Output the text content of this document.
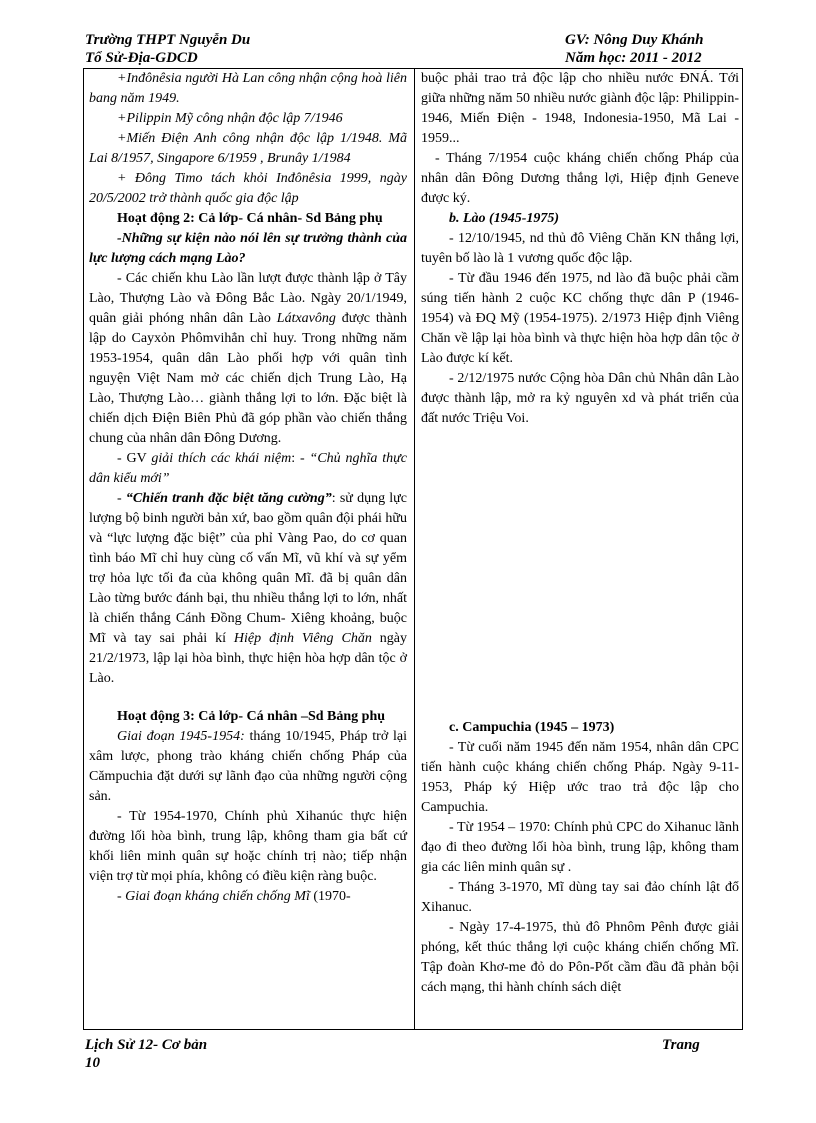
Trường THPT Nguyễn Du
Tổ Sử-Địa-GDCD
GV: Nông Duy Khánh
Năm học: 2011 - 2012

+Inđônêsia người Hà Lan công nhận cộng hoà liên bang năm 1949.

+Pilippin Mỹ công nhận độc lập 7/1946

+Miến Điện Anh công nhận độc lập 1/1948. Mã Lai 8/1957, Singapore 6/1959 , Brunây 1/1984

+ Đông Timo tách khỏi Inđônêsia 1999, ngày 20/5/2002 trở thành quốc gia độc lập

Hoạt động 2: Cả lớp- Cá nhân- Sd Bảng phụ

-Những sự kiện nào nói lên sự trưởng thành của lực lượng cách mạng Lào?

- Các chiến khu Lào lần lượt được thành lập ở Tây Lào, Thượng Lào và Đông Bắc Lào. Ngày 20/1/1949, quân giải phóng nhân dân Lào Látxavông được thành lập do Cayxỏn Phômvihẳn chỉ huy. Trong những năm 1953-1954, quân dân Lào phối hợp với quân tình nguyện Việt Nam mở các chiến dịch Trung Lào, Hạ Lào, Thượng Lào… giành thắng lợi to lớn. Đặc biệt là chiến dịch Điện Biên Phủ đã góp phần vào chiến thắng chung của nhân dân Đông Dương.

- GV giải thích các khái niệm: - “Chủ nghĩa thực dân kiểu mới”

- “Chiến tranh đặc biệt tăng cường”: sử dụng lực lượng bộ binh người bản xứ, bao gồm quân đội phái hữu và “lực lượng đặc biệt” của phỉ Vàng Pao, do cơ quan tình báo Mĩ chỉ huy cùng cố vấn Mĩ, vũ khí và sự yểm trợ hỏa lực tối đa của không quân Mĩ. đã bị quân dân Lào từng bước đánh bại, thu nhiều thắng lợi to lớn, nhất là chiến thắng Cánh Đồng Chum- Xiêng khoảng, buộc Mĩ và tay sai phải kí Hiệp định Viêng Chăn ngày 21/2/1973, lập lại hòa bình, thực hiện hòa hợp dân tộc ở Lào.

Hoạt động 3: Cả lớp- Cá nhân –Sd Bảng phụ

Giai đoạn 1945-1954: tháng 10/1945, Pháp trở lại xâm lược, phong trào kháng chiến chống Pháp của Cămpuchia đặt dưới sự lãnh đạo của những người cộng sản.

- Từ 1954-1970, Chính phủ Xihanúc thực hiện đường lối hòa bình, trung lập, không tham gia bất cứ khối liên minh quân sự hoặc chính trị nào; tiếp nhận viện trợ từ mọi phía, không có điều kiện ràng buộc.

- Giai đoạn kháng chiến chống Mĩ (1970-

buộc phải trao trả độc lập cho nhiều nước ĐNÁ. Tới giữa những năm 50 nhiều nước giành độc lập: Philippin-1946, Miến Điện - 1948, Indonesia-1950, Mã Lai - 1959...

- Tháng 7/1954 cuộc kháng chiến chống Pháp của nhân dân Đông Dương thắng lợi, Hiệp định Geneve được ký.

b. Lào (1945-1975)

- 12/10/1945, nd thủ đô Viêng Chăn KN thắng lợi, tuyên bố lào là 1 vương quốc độc lập.

- Từ đầu 1946 đến 1975, nd lào đã buộc phải cầm súng tiến hành 2 cuộc KC chống thực dân P (1946-1954) và ĐQ Mỹ (1954-1975). 2/1973 Hiệp định Viêng Chăn về lập lại hòa bình và thực hiện hòa hợp dân tộc ở Lào được kí kết.

- 2/12/1975 nước Cộng hòa Dân chủ Nhân dân Lào được thành lập, mở ra kỷ nguyên xd và phát triển của đất nước Triệu Voi.

c. Campuchia (1945 – 1973)

- Từ cuối năm 1945 đến năm 1954, nhân dân CPC tiến hành cuộc kháng chiến chống Pháp. Ngày 9-11-1953, Pháp ký Hiệp ước trao trả độc lập cho Campuchia.

- Từ 1954 – 1970: Chính phủ CPC do Xihanuc lãnh đạo đi theo đường lối hòa bình, trung lập, không tham gia các liên minh quân sự .

- Tháng 3-1970, Mĩ dùng tay sai đảo chính lật đổ Xihanuc.

- Ngày 17-4-1975, thủ đô Phnôm Pênh được giải phóng, kết thúc thắng lợi cuộc kháng chiến chống Mĩ. Tập đoàn Khơ-me đỏ do Pôn-Pốt cầm đầu đã phản bội cách mạng, thi hành chính sách diệt

Lịch Sử 12- Cơ bản
10
Trang
